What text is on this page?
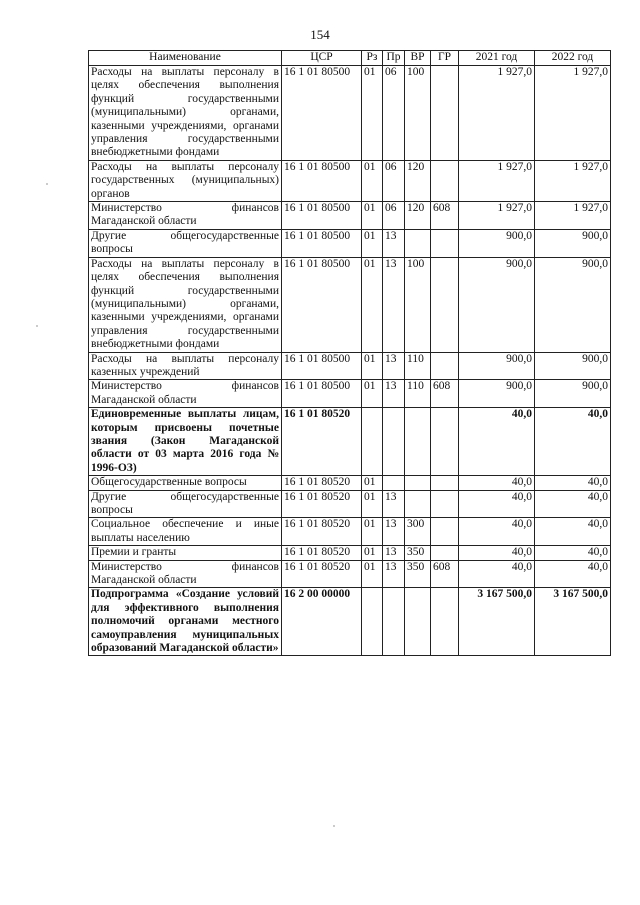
154
Наименование	ЦСР	Рз	Пр	ВР	ГР	2021 год	2022 год
Расходы на выплаты персоналу в целях обеспечения выполнения функций государственными (муниципальными) органами, казенными учреждениями, органами управления государственными внебюджетными фондами	16 1 01 80500	01	06	100		1 927,0	1 927,0
Расходы на выплаты персоналу государственных (муниципальных) органов	16 1 01 80500	01	06	120		1 927,0	1 927,0
Министерство финансов Магаданской области	16 1 01 80500	01	06	120	608	1 927,0	1 927,0
Другие общегосударственные вопросы	16 1 01 80500	01	13			900,0	900,0
Расходы на выплаты персоналу в целях обеспечения выполнения функций государственными (муниципальными) органами, казенными учреждениями, органами управления государственными внебюджетными фондами	16 1 01 80500	01	13	100		900,0	900,0
Расходы на выплаты персоналу казенных учреждений	16 1 01 80500	01	13	110		900,0	900,0
Министерство финансов Магаданской области	16 1 01 80500	01	13	110	608	900,0	900,0
Единовременные выплаты лицам, которым присвоены почетные звания (Закон Магаданской области от 03 марта 2016 года № 1996-ОЗ)	16 1 01 80520					40,0	40,0
Общегосударственные вопросы	16 1 01 80520	01				40,0	40,0
Другие общегосударственные вопросы	16 1 01 80520	01	13			40,0	40,0
Социальное обеспечение и иные выплаты населению	16 1 01 80520	01	13	300		40,0	40,0
Премии и гранты	16 1 01 80520	01	13	350		40,0	40,0
Министерство финансов Магаданской области	16 1 01 80520	01	13	350	608	40,0	40,0
Подпрограмма «Создание условий для эффективного выполнения полномочий органами местного самоуправления муниципальных образований Магаданской области»	16 2 00 00000					3 167 500,0	3 167 500,0
